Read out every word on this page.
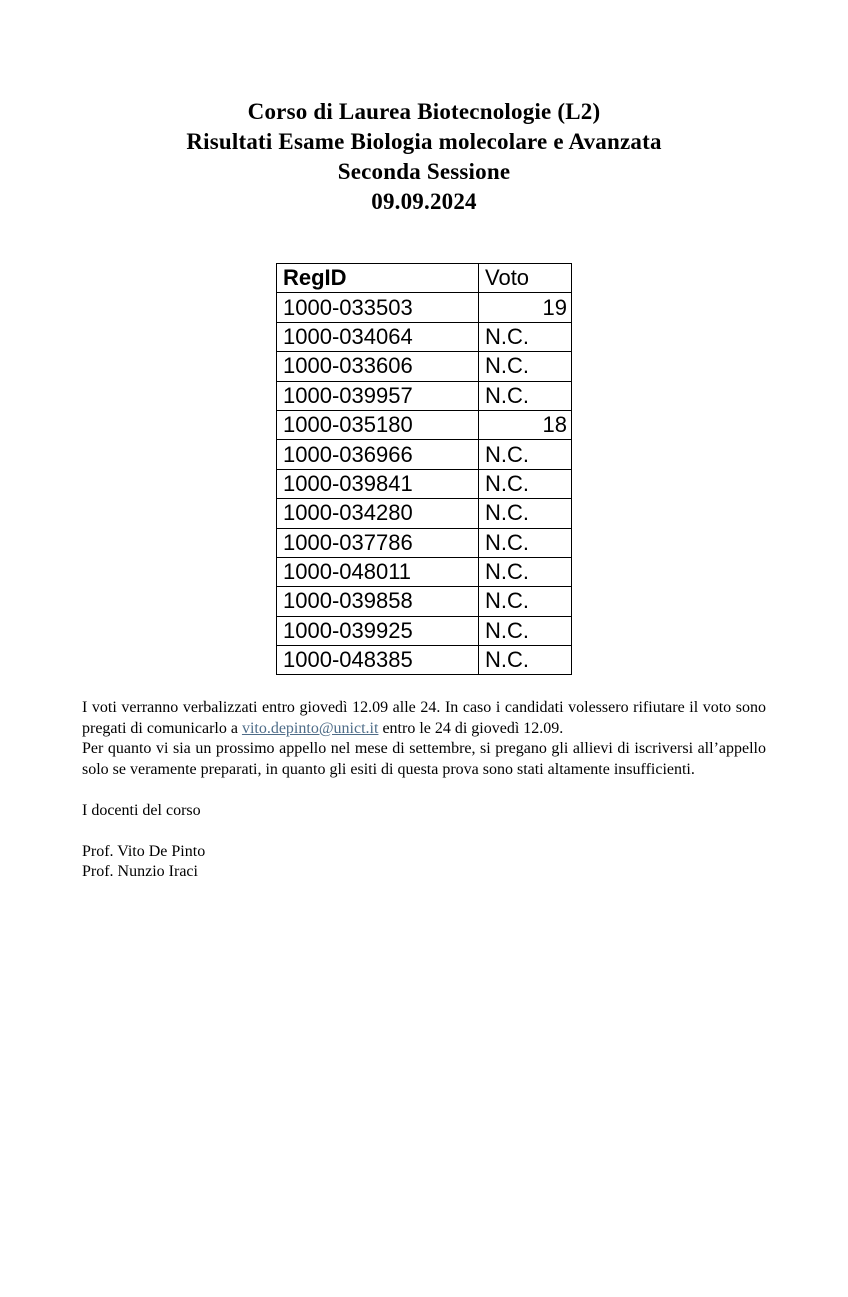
Corso di Laurea Biotecnologie (L2)
Risultati Esame Biologia molecolare e Avanzata
Seconda Sessione
09.09.2024
RegID	Voto
1000-033503	19
1000-034064	N.C.
1000-033606	N.C.
1000-039957	N.C.
1000-035180	18
1000-036966	N.C.
1000-039841	N.C.
1000-034280	N.C.
1000-037786	N.C.
1000-048011	N.C.
1000-039858	N.C.
1000-039925	N.C.
1000-048385	N.C.

I voti verranno verbalizzati entro giovedì 12.09 alle 24. In caso i candidati volessero rifiutare il voto sono pregati di comunicarlo a vito.depinto@unict.it entro le 24 di giovedì 12.09.

Per quanto vi sia un prossimo appello nel mese di settembre, si pregano gli allievi di iscriversi all’appello solo se veramente preparati, in quanto gli esiti di questa prova sono stati altamente insufficienti.

I docenti del corso
Prof. Vito De Pinto
Prof. Nunzio Iraci
